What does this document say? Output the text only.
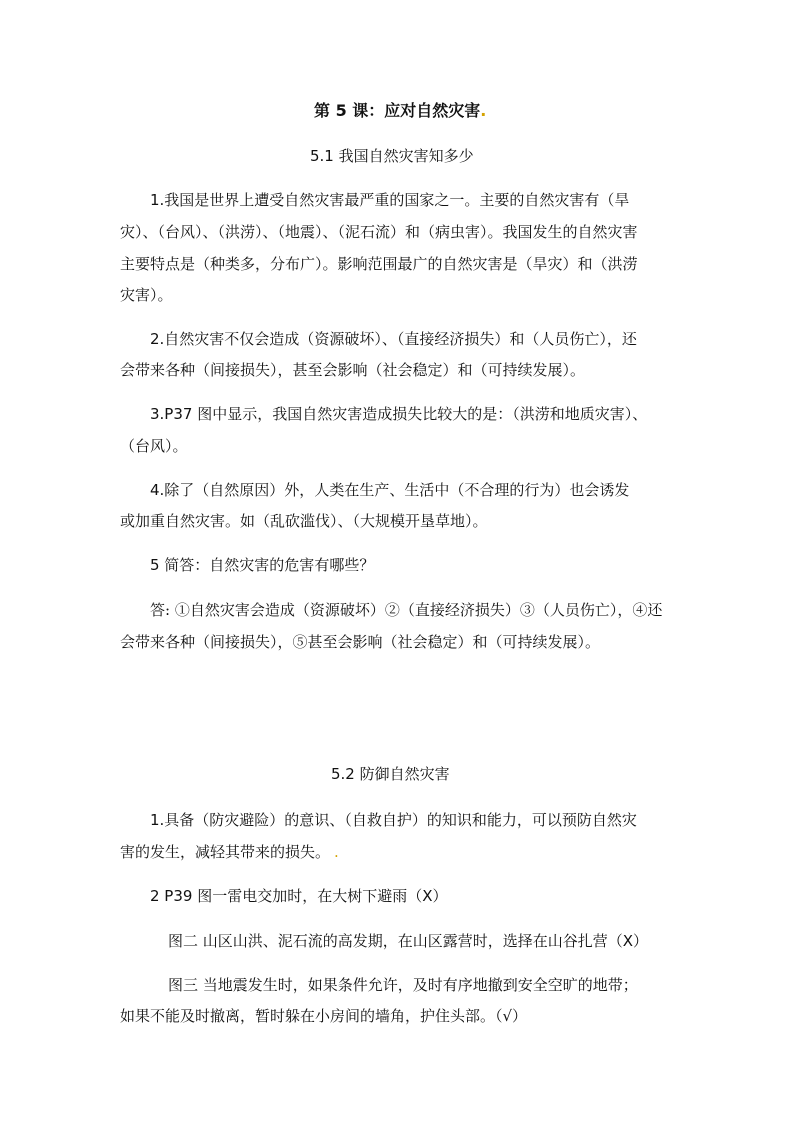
第 5 课：应对自然灾害.
5.1 我国自然灾害知多少
1.我国是世界上遭受自然灾害最严重的国家之一。主要的自然灾害有（旱
灾）、（台风）、（洪涝）、（地震）、（泥石流）和（病虫害）。我国发生的自然灾害
主要特点是（种类多，分布广）。影响范围最广的自然灾害是（旱灾）和（洪涝
灾害）。
2.自然灾害不仅会造成（资源破坏）、（直接经济损失）和（人员伤亡），还
会带来各种（间接损失），甚至会影响（社会稳定）和（可持续发展）。
3.P37 图中显示，我国自然灾害造成损失比较大的是：（洪涝和地质灾害）、
（台风）。
4.除了（自然原因）外，人类在生产、生活中（不合理的行为）也会诱发
或加重自然灾害。如（乱砍滥伐）、（大规模开垦草地）。
5 简答：自然灾害的危害有哪些？
答: ①自然灾害会造成（资源破坏）②（直接经济损失）③（人员伤亡），④还
会带来各种（间接损失），⑤甚至会影响（社会稳定）和（可持续发展）。
5.2 防御自然灾害
1.具备（防灾避险）的意识、（自救自护）的知识和能力，可以预防自然灾
害的发生，减轻其带来的损失。 .
2 P39 图一雷电交加时，在大树下避雨（X）
图二 山区山洪、泥石流的高发期，在山区露营时，选择在山谷扎营（X）
图三 当地震发生时，如果条件允许，及时有序地撤到安全空旷的地带；
如果不能及时撤离，暂时躲在小房间的墙角，护住头部。（√）
